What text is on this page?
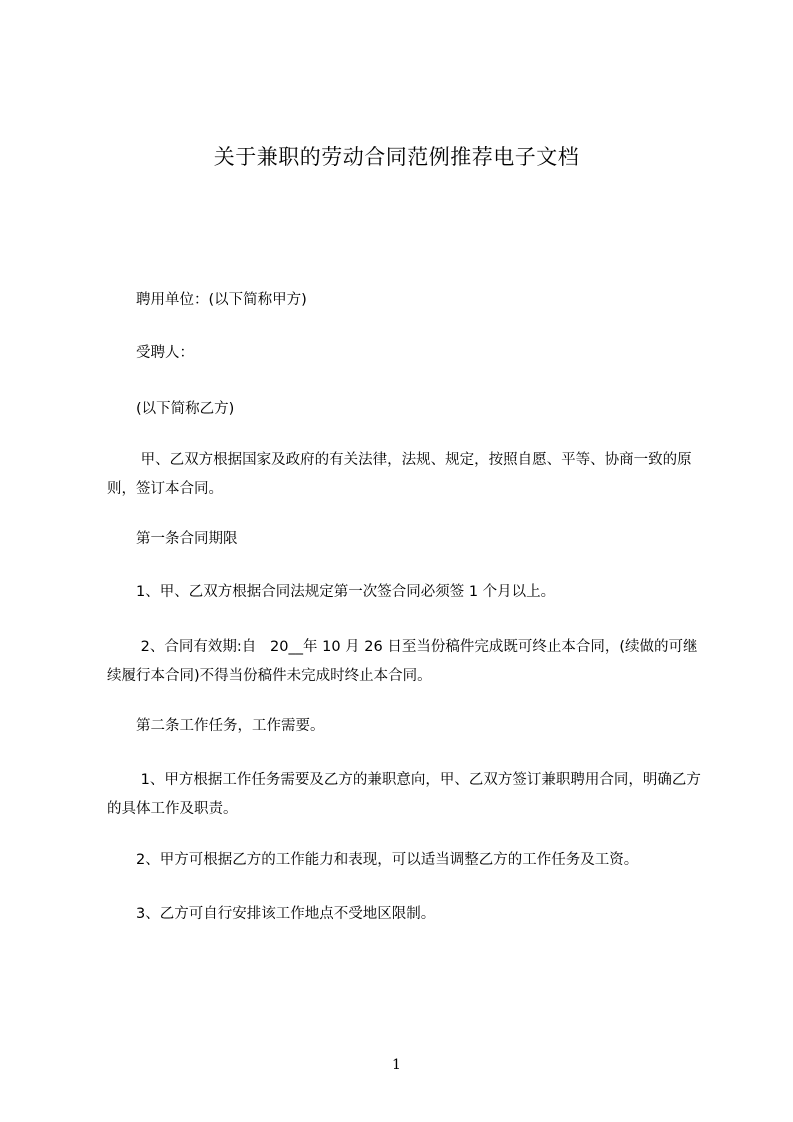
关于兼职的劳动合同范例推荐电子文档

聘用单位：(以下简称甲方)

受聘人：

(以下简称乙方)

甲、乙双方根据国家及政府的有关法律，法规、规定，按照自愿、平等、协商一致的原则，签订本合同。

第一条合同期限

1、甲、乙双方根据合同法规定第一次签合同必须签 1 个月以上。

2、合同有效期:自   20__年 10 月 26 日至当份稿件完成既可终止本合同，(续做的可继续履行本合同)不得当份稿件未完成时终止本合同。

第二条工作任务，工作需要。

1、甲方根据工作任务需要及乙方的兼职意向，甲、乙双方签订兼职聘用合同，明确乙方的具体工作及职责。

2、甲方可根据乙方的工作能力和表现，可以适当调整乙方的工作任务及工资。

3、乙方可自行安排该工作地点不受地区限制。

1
